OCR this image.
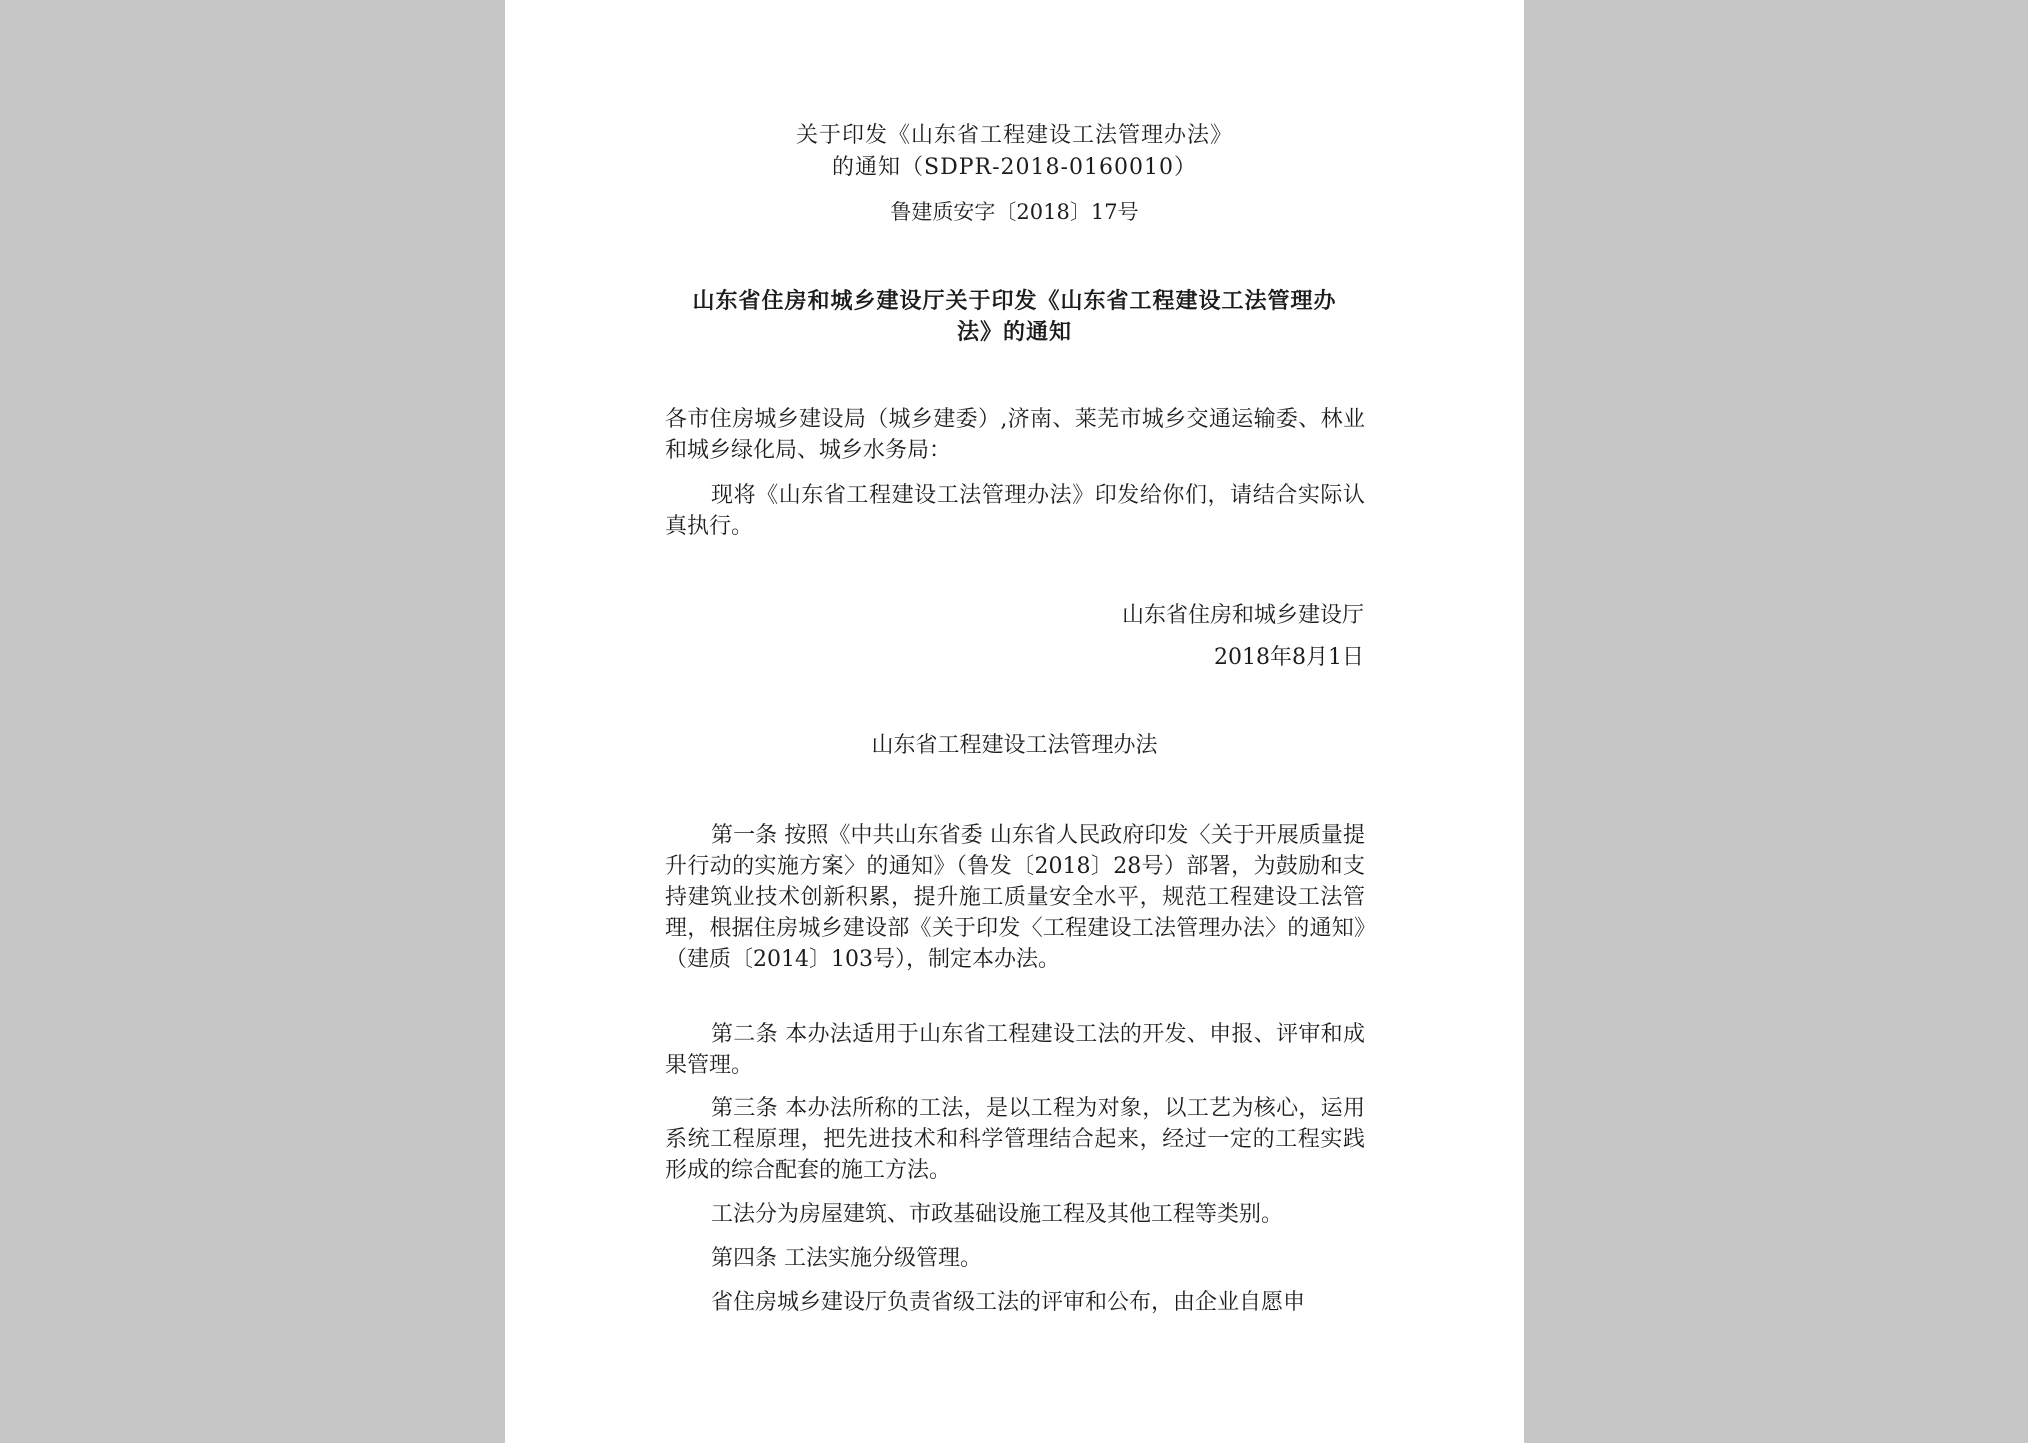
关于印发《山东省工程建设工法管理办法》
的通知（SDPR-2018-0160010）
鲁建质安字〔2018〕17号
山东省住房和城乡建设厅关于印发《山东省工程建设工法管理办
法》的通知

各市住房城乡建设局（城乡建委）,济南、莱芜市城乡交通运输委、林业和城乡绿化局、城乡水务局：

现将《山东省工程建设工法管理办法》印发给你们，请结合实际认真执行。

山东省住房和城乡建设厅
2018年8月1日
山东省工程建设工法管理办法

第一条 按照《中共山东省委 山东省人民政府印发〈关于开展质量提升行动的实施方案〉的通知》（鲁发〔2018〕28号）部署，为鼓励和支持建筑业技术创新积累，提升施工质量安全水平，规范工程建设工法管理，根据住房城乡建设部《关于印发〈工程建设工法管理办法〉的通知》（建质〔2014〕103号），制定本办法。

第二条 本办法适用于山东省工程建设工法的开发、申报、评审和成果管理。

第三条 本办法所称的工法，是以工程为对象，以工艺为核心，运用系统工程原理，把先进技术和科学管理结合起来，经过一定的工程实践形成的综合配套的施工方法。

工法分为房屋建筑、市政基础设施工程及其他工程等类别。

第四条 工法实施分级管理。

省住房城乡建设厅负责省级工法的评审和公布，由企业自愿申
